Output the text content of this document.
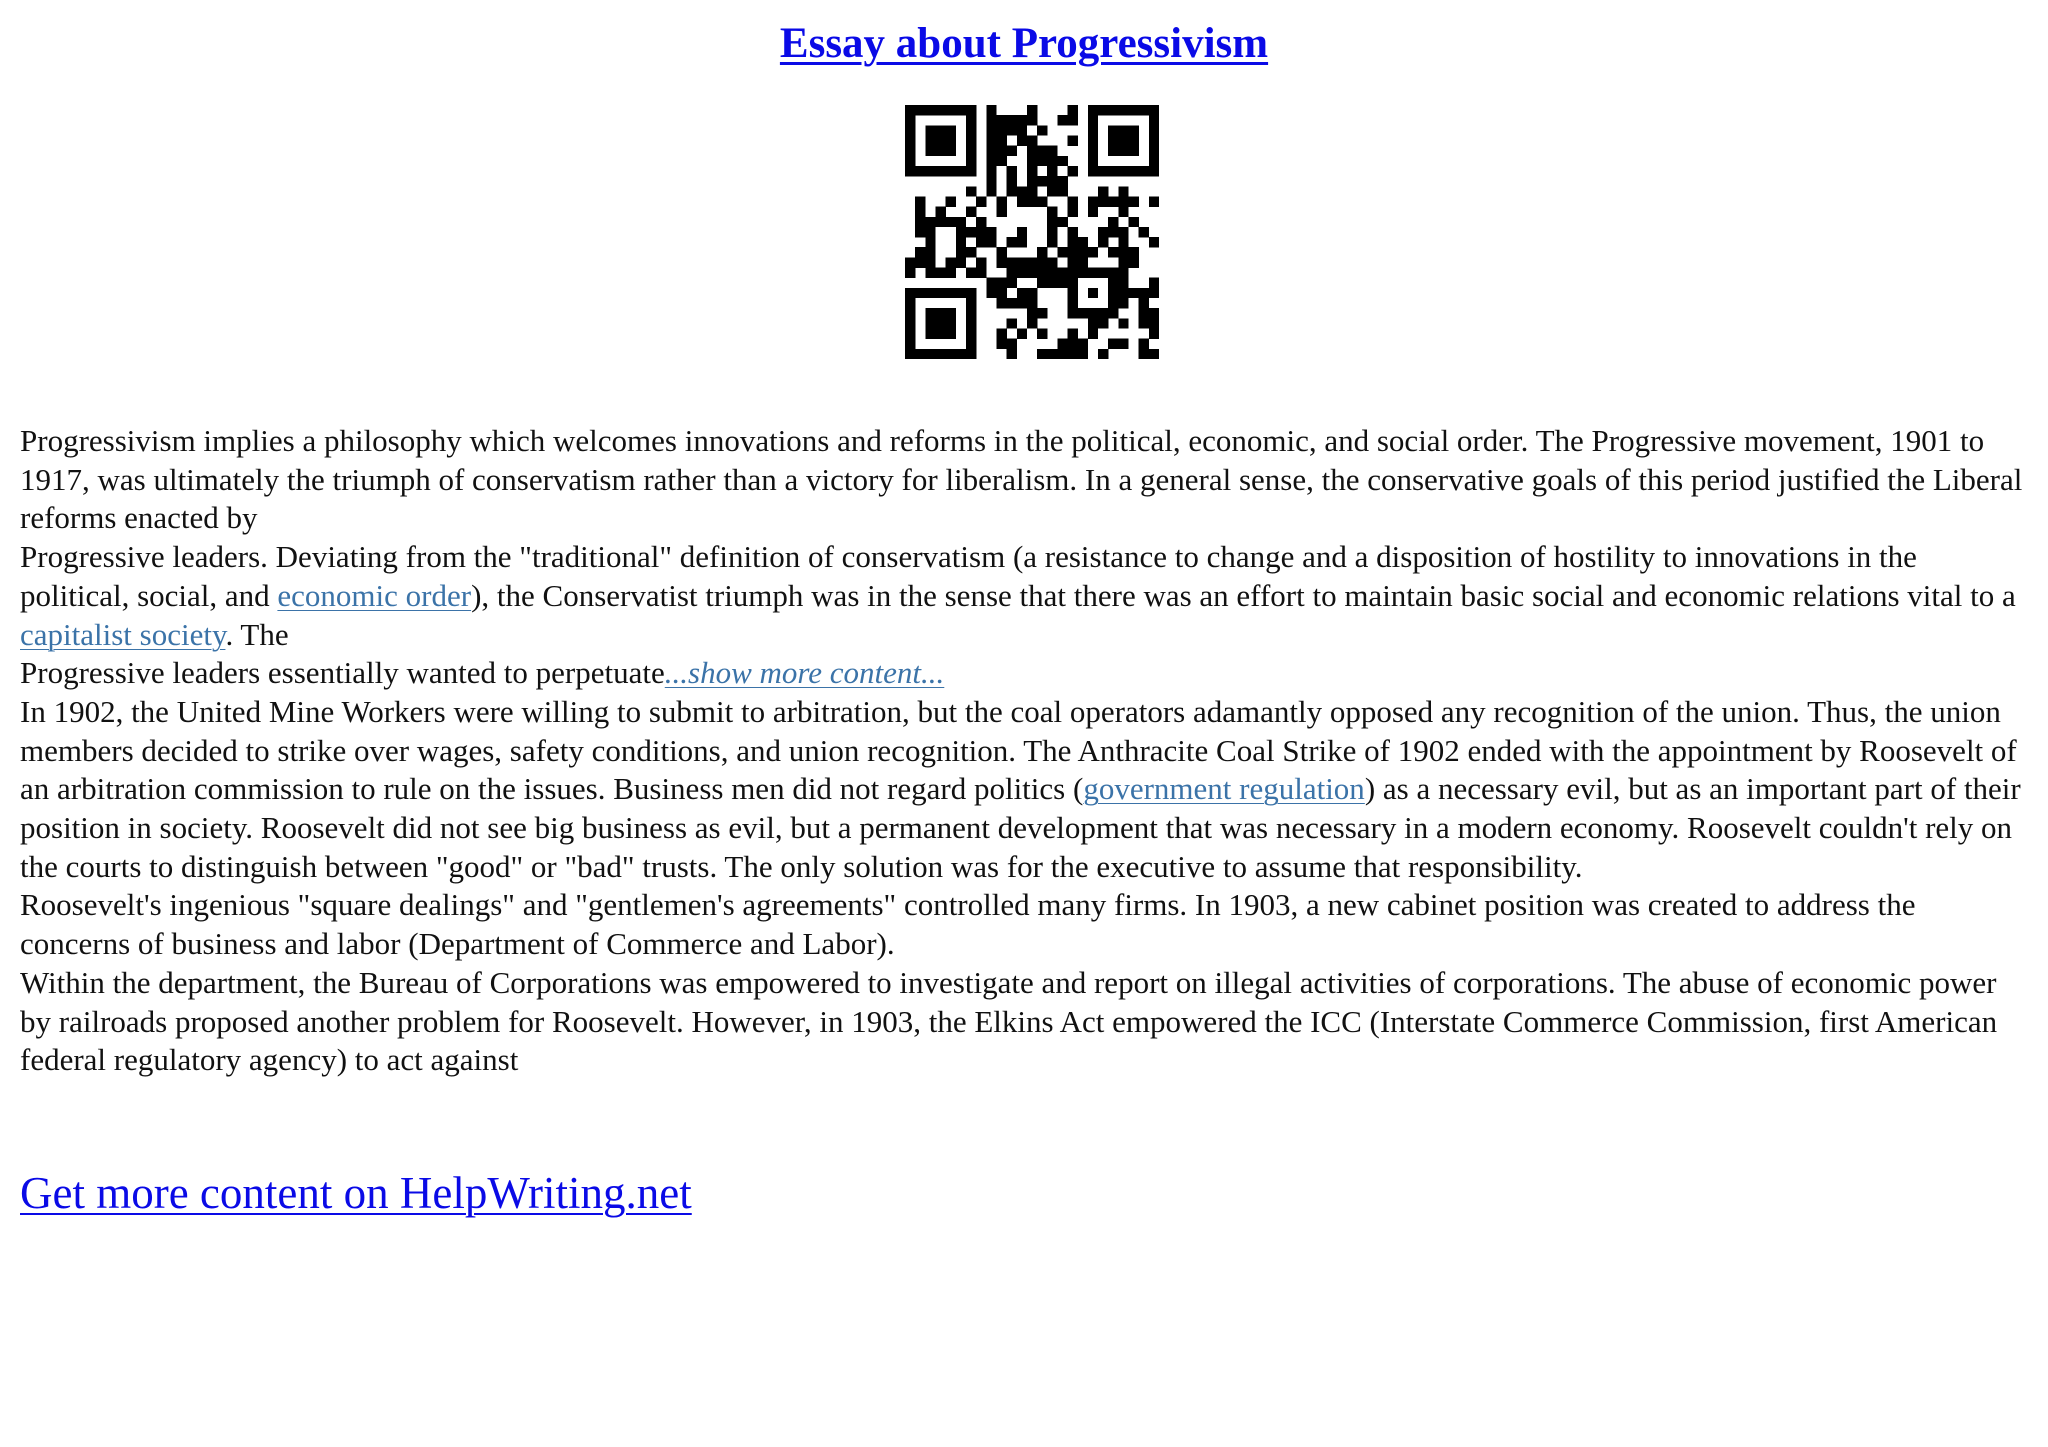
Essay about Progressivism

Progressivism implies a philosophy which welcomes innovations and reforms in the political, economic, and social order. The Progressive movement, 1901 to 1917, was ultimately the triumph of conservatism rather than a victory for liberalism. In a general sense, the conservative goals of this period justified the Liberal reforms enacted by

Progressive leaders. Deviating from the "traditional" definition of conservatism (a resistance to change and a disposition of hostility to innovations in the political, social, and economic order), the Conservatist triumph was in the sense that there was an effort to maintain basic social and economic relations vital to a capitalist society. The

Progressive leaders essentially wanted to perpetuate...show more content...

In 1902, the United Mine Workers were willing to submit to arbitration, but the coal operators adamantly opposed any recognition of the union. Thus, the union members decided to strike over wages, safety conditions, and union recognition. The Anthracite Coal Strike of 1902 ended with the appointment by Roosevelt of an arbitration commission to rule on the issues. Business men did not regard politics (government regulation) as a necessary evil, but as an important part of their position in society. Roosevelt did not see big business as evil, but a permanent development that was necessary in a modern economy. Roosevelt couldn't rely on the courts to distinguish between "good" or "bad" trusts. The only solution was for the executive to assume that responsibility.

Roosevelt's ingenious "square dealings" and "gentlemen's agreements" controlled many firms. In 1903, a new cabinet position was created to address the concerns of business and labor (Department of Commerce and Labor).

Within the department, the Bureau of Corporations was empowered to investigate and report on illegal activities of corporations. The abuse of economic power by railroads proposed another problem for Roosevelt. However, in 1903, the Elkins Act empowered the ICC (Interstate Commerce Commission, first American federal regulatory agency) to act against

Get more content on HelpWriting.net
